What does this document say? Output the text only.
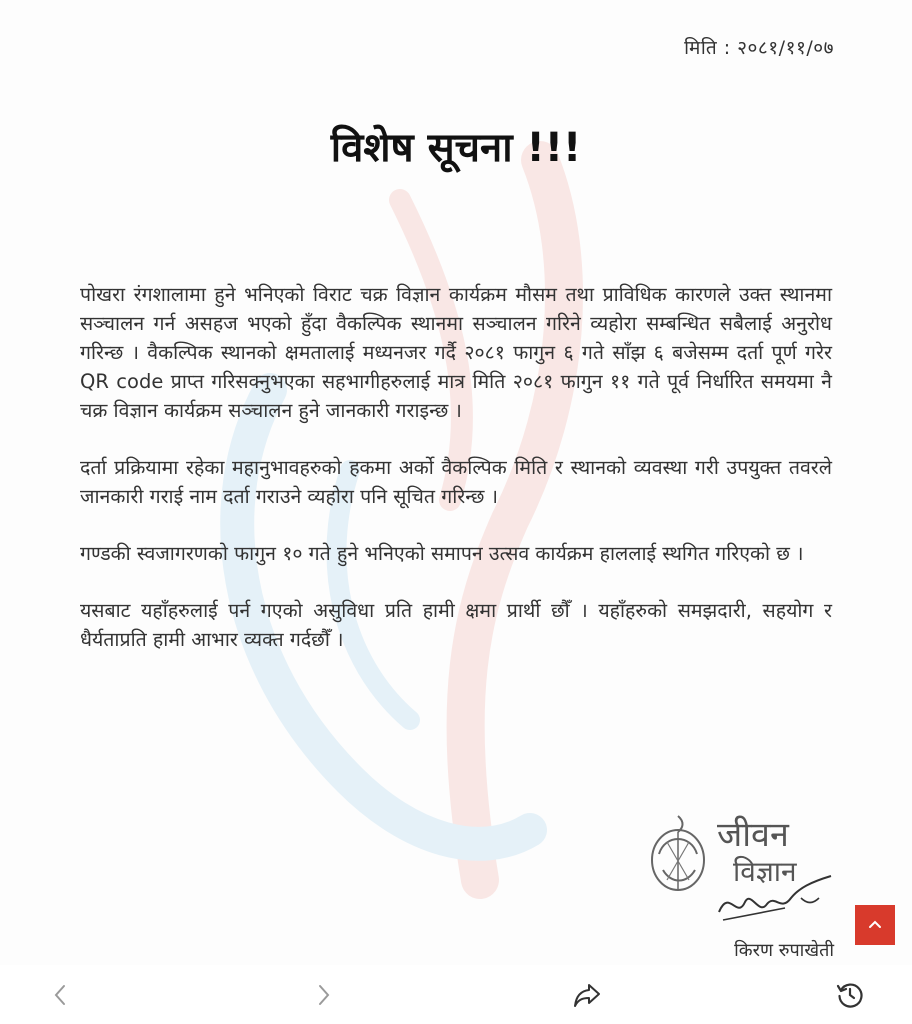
मिति : २०८१/११/०७
विशेष सूचना !!!

पोखरा रंगशालामा हुने भनिएको विराट चक्र विज्ञान कार्यक्रम मौसम तथा प्राविधिक कारणले उक्त स्थानमा सञ्चालन गर्न असहज भएको हुँदा वैकल्पिक स्थानमा सञ्चालन गरिने व्यहोरा सम्बन्धित सबैलाई अनुरोध गरिन्छ । वैकल्पिक स्थानको क्षमतालाई मध्यनजर गर्दै २०८१ फागुन ६ गते साँझ ६ बजेसम्म दर्ता पूर्ण गरेर QR code प्राप्त गरिसक्नुभएका सहभागीहरुलाई मात्र मिति २०८१ फागुन ११ गते पूर्व निर्धारित समयमा नै चक्र विज्ञान कार्यक्रम सञ्चालन हुने जानकारी गराइन्छ ।

दर्ता प्रक्रियामा रहेका महानुभावहरुको हकमा अर्को वैकल्पिक मिति र स्थानको व्यवस्था गरी उपयुक्त तवरले जानकारी गराई नाम दर्ता गराउने व्यहोरा पनि सूचित गरिन्छ ।

गण्डकी स्वजागरणको फागुन १० गते हुने भनिएको समापन उत्सव कार्यक्रम हाललाई स्थगित गरिएको छ ।

यसबाट यहाँहरुलाई पर्न गएको असुविधा प्रति हामी क्षमा प्रार्थी छौँ । यहाँहरुको समझदारी, सहयोग र धैर्यताप्रति हामी आभार व्यक्त गर्दछौँ ।

जीवन
विज्ञान
किरण रुपाखेती
